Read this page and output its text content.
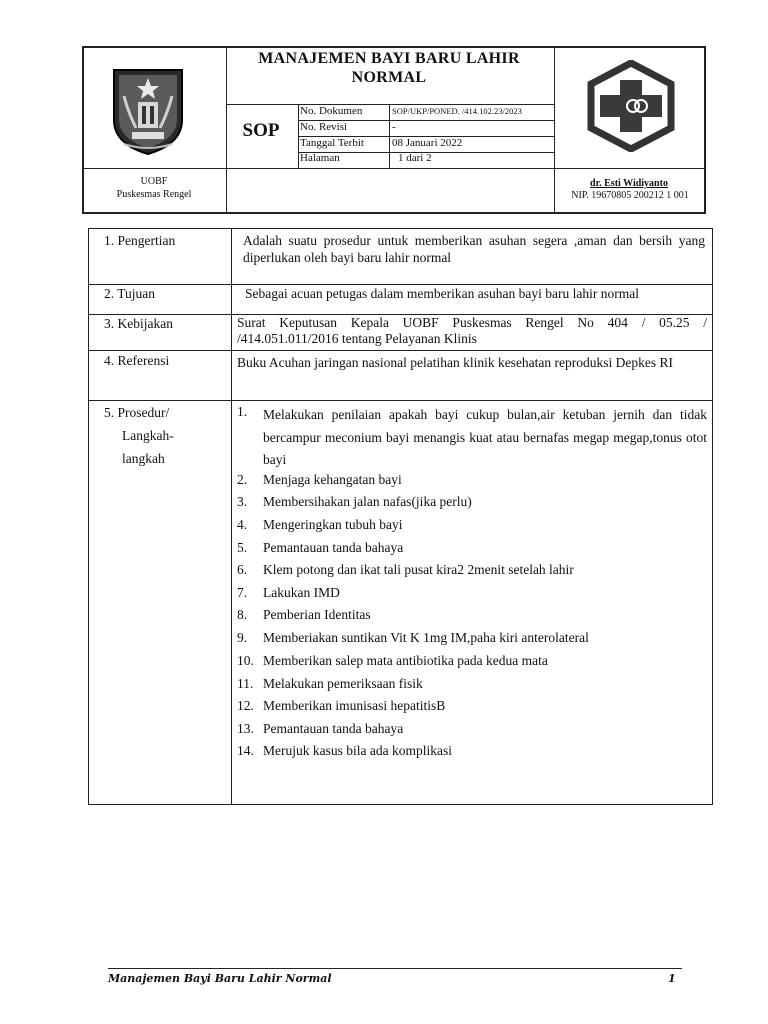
MANAJEMEN BAYI BARU LAHIR NORMAL
SOP
No. Dokumen	SOP/UKP/PONED. /414.102.23/2023
No. Revisi	-
Tanggal Terbit	08 Januari 2022
Halaman	1 dari 2
UOBF
Puskesmas Rengel
dr. Esti Widiyanto
NIP. 19670805 200212 1 001
1. Pengertian	Adalah suatu prosedur untuk memberikan asuhan segera ,aman dan bersih yang diperlukan oleh bayi baru lahir normal
2. Tujuan	Sebagai acuan petugas dalam memberikan asuhan bayi baru lahir normal
3. Kebijakan	Surat Keputusan Kepala UOBF Puskesmas Rengel No 404 / 05.25 / /414.051.011/2016 tentang Pelayanan Klinis
4. Referensi	Buku Acuhan jaringan nasional pelatihan klinik kesehatan reproduksi Depkes RI
5. Prosedur/
Langkah-
langkah
1.	Melakukan penilaian apakah bayi cukup bulan,air ketuban jernih dan tidak bercampur meconium bayi menangis kuat atau bernafas megap megap,tonus otot bayi
2.	Menjaga kehangatan bayi
3.	Membersihakan jalan nafas(jika perlu)
4.	Mengeringkan tubuh bayi
5.	Pemantauan tanda bahaya
6.	Klem potong dan ikat tali pusat kira2 2menit setelah lahir
7.	Lakukan IMD
8.	Pemberian Identitas
9.	Memberiakan suntikan Vit K 1mg IM,paha kiri anterolateral
10. Memberikan salep mata antibiotika pada kedua mata
11. Melakukan pemeriksaan fisik
12. Memberikan imunisasi hepatitisB
13. Pemantauan tanda bahaya
14. Merujuk kasus bila ada komplikasi
Manajemen Bayi Baru Lahir Normal	1
